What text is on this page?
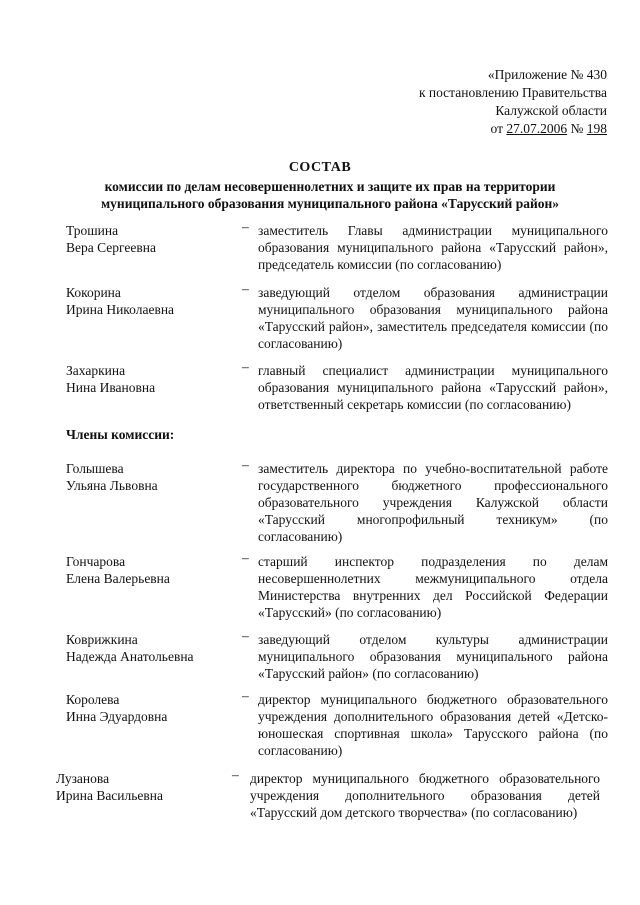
«Приложение № 430
к постановлению Правительства
Калужской области
от 27.07.2006 № 198
СОСТАВ
комиссии по делам несовершеннолетних и защите их прав на территории
муниципального образования муниципального района «Тарусский район»
Трошина
Вера Сергеевна
– заместитель Главы администрации муниципального образования муниципального района «Тарусский район», председатель комиссии (по согласованию)
Кокорина
Ирина Николаевна
– заведующий отделом образования администрации муниципального образования муниципального района «Тарусский район», заместитель председателя комиссии (по согласованию)
Захаркина
Нина Ивановна
– главный специалист администрации муниципального образования муниципального района «Тарусский район», ответственный секретарь комиссии (по согласованию)
Члены комиссии:
Голышева
Ульяна Львовна
– заместитель директора по учебно-воспитательной работе государственного бюджетного профессионального образовательного учреждения Калужской области «Тарусский многопрофильный техникум» (по согласованию)
Гончарова
Елена Валерьевна
– старший инспектор подразделения по делам несовершеннолетних межмуниципального отдела Министерства внутренних дел Российской Федерации «Тарусский» (по согласованию)
Коврижкина
Надежда Анатольевна
– заведующий отделом культуры администрации муниципального образования муниципального района «Тарусский район» (по согласованию)
Королева
Инна Эдуардовна
– директор муниципального бюджетного образовательного учреждения дополнительного образования детей «Детско-юношеская спортивная школа» Тарусского района (по согласованию)
Лузанова
Ирина Васильевна
– директор муниципального бюджетного образовательного учреждения дополнительного образования детей «Тарусский дом детского творчества» (по согласованию)
